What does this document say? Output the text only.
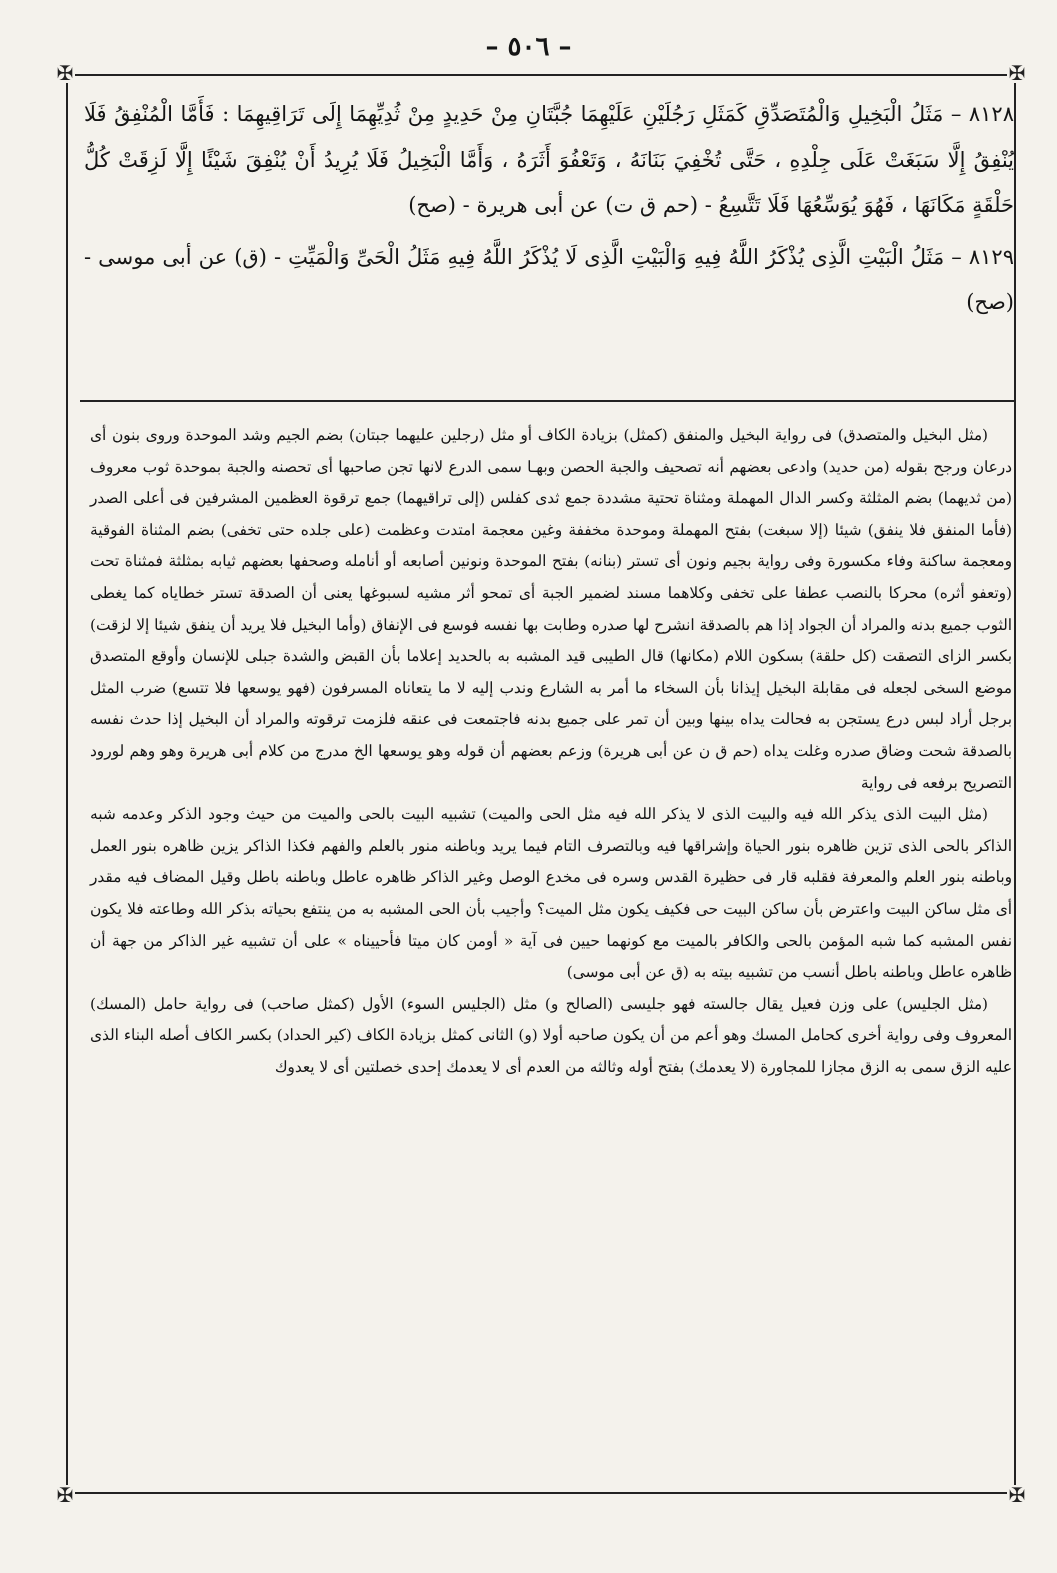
– ٥٠٦ –
✠	✠
✠	✠

٨١٢٨ – مَثَلُ الْبَخِيلِ وَالْمُتَصَدِّقِ كَمَثَلِ رَجُلَيْنِ عَلَيْهِمَا جُبَّتَانِ مِنْ حَدِيدٍ مِنْ ثُدِيِّهِمَا إِلَى تَرَاقِيهِمَا : فَأَمَّا الْمُنْفِقُ فَلَا يُنْفِقُ إِلَّا سَبَغَتْ عَلَى جِلْدِهِ ، حَتَّى تُخْفِيَ بَنَانَهُ ، وَتَعْفُوَ أَثَرَهُ ، وَأَمَّا الْبَخِيلُ فَلَا يُرِيدُ أَنْ يُنْفِقَ شَيْئًا إِلَّا لَزِقَتْ كُلُّ حَلْقَةٍ مَكَانَهَا ، فَهُوَ يُوَسِّعُهَا فَلَا تَتَّسِعُ - (حم ق ت) عن أبى هريرة - (صح)

٨١٢٩ – مَثَلُ الْبَيْتِ الَّذِى يُذْكَرُ اللَّهُ فِيهِ وَالْبَيْتِ الَّذِى لَا يُذْكَرُ اللَّهُ فِيهِ مَثَلُ الْحَىِّ وَالْمَيِّتِ - (ق) عن أبى موسى - (صح)

(مثل البخيل والمتصدق) فى رواية البخيل والمنفق (كمثل) بزيادة الكاف أو مثل (رجلين عليهما جبتان) بضم الجيم وشد الموحدة وروى بنون أى درعان ورجح بقوله (من حديد) وادعى بعضهم أنه تصحيف والجبة الحصن وبهـا سمى الدرع لانها تجن صاحبها أى تحصنه والجبة بموحدة ثوب معروف (من ثديهما) بضم المثلثة وكسر الدال المهملة ومثناة تحتية مشددة جمع ثدى كفلس (إلى تراقيهما) جمع ترقوة العظمين المشرفين فى أعلى الصدر (فأما المنفق فلا ينفق) شيئا (إلا سبغت) بفتح المهملة وموحدة مخففة وغين معجمة امتدت وعظمت (على جلده حتى تخفى) بضم المثناة الفوقية ومعجمة ساكنة وفاء مكسورة وفى رواية بجيم ونون أى تستر (بنانه) بفتح الموحدة ونونين أصابعه أو أنامله وصحفها بعضهم ثيابه بمثلثة فمثناة تحت (وتعفو أثره) محركا بالنصب عطفا على تخفى وكلاهما مسند لضمير الجبة أى تمحو أثر مشيه لسبوغها يعنى أن الصدقة تستر خطاياه كما يغطى الثوب جميع بدنه والمراد أن الجواد إذا هم بالصدقة انشرح لها صدره وطابت بها نفسه فوسع فى الإنفاق (وأما البخيل فلا يريد أن ينفق شيئا إلا لزقت) بكسر الزاى التصقت (كل حلقة) بسكون اللام (مكانها) قال الطيبى قيد المشبه به بالحديد إعلاما بأن القبض والشدة جبلى للإنسان وأوقع المتصدق موضع السخى لجعله فى مقابلة البخيل إيذانا بأن السخاء ما أمر به الشارع وندب إليه لا ما يتعاناه المسرفون (فهو يوسعها فلا تتسع) ضرب المثل برجل أراد لبس درع يستجن به فحالت يداه بينها وبين أن تمر على جميع بدنه فاجتمعت فى عنقه فلزمت ترقوته والمراد أن البخيل إذا حدث نفسه بالصدقة شحت وضاق صدره وغلت يداه (حم ق ن عن أبى هريرة) وزعم بعضهم أن قوله وهو يوسعها الخ مدرج من كلام أبى هريرة وهو وهم لورود التصريح برفعه فى رواية

(مثل البيت الذى يذكر الله فيه والبيت الذى لا يذكر الله فيه مثل الحى والميت) تشبيه البيت بالحى والميت من حيث وجود الذكر وعدمه شبه الذاكر بالحى الذى تزين ظاهره بنور الحياة وإشراقها فيه وبالتصرف التام فيما يريد وباطنه منور بالعلم والفهم فكذا الذاكر يزين ظاهره بنور العمل وباطنه بنور العلم والمعرفة فقلبه قار فى حظيرة القدس وسره فى مخدع الوصل وغير الذاكر ظاهره عاطل وباطنه باطل وقيل المضاف فيه مقدر أى مثل ساكن البيت واعترض بأن ساكن البيت حى فكيف يكون مثل الميت؟ وأجيب بأن الحى المشبه به من ينتفع بحياته بذكر الله وطاعته فلا يكون نفس المشبه كما شبه المؤمن بالحى والكافر بالميت مع كونهما حيين فى آية « أومن كان ميتا فأحييناه » على أن تشبيه غير الذاكر من جهة أن ظاهره عاطل وباطنه باطل أنسب من تشبيه بيته به (ق عن أبى موسى)

(مثل الجليس) على وزن فعيل يقال جالسته فهو جليسى (الصالح و) مثل (الجليس السوء) الأول (كمثل صاحب) فى رواية حامل (المسك) المعروف وفى رواية أخرى كحامل المسك وهو أعم من أن يكون صاحبه أولا (و) الثانى كمثل بزيادة الكاف (كير الحداد) بكسر الكاف أصله البناء الذى عليه الزق سمى به الزق مجازا للمجاورة (لا يعدمك) بفتح أوله وثالثه من العدم أى لا يعدمك إحدى خصلتين أى لا يعدوك
